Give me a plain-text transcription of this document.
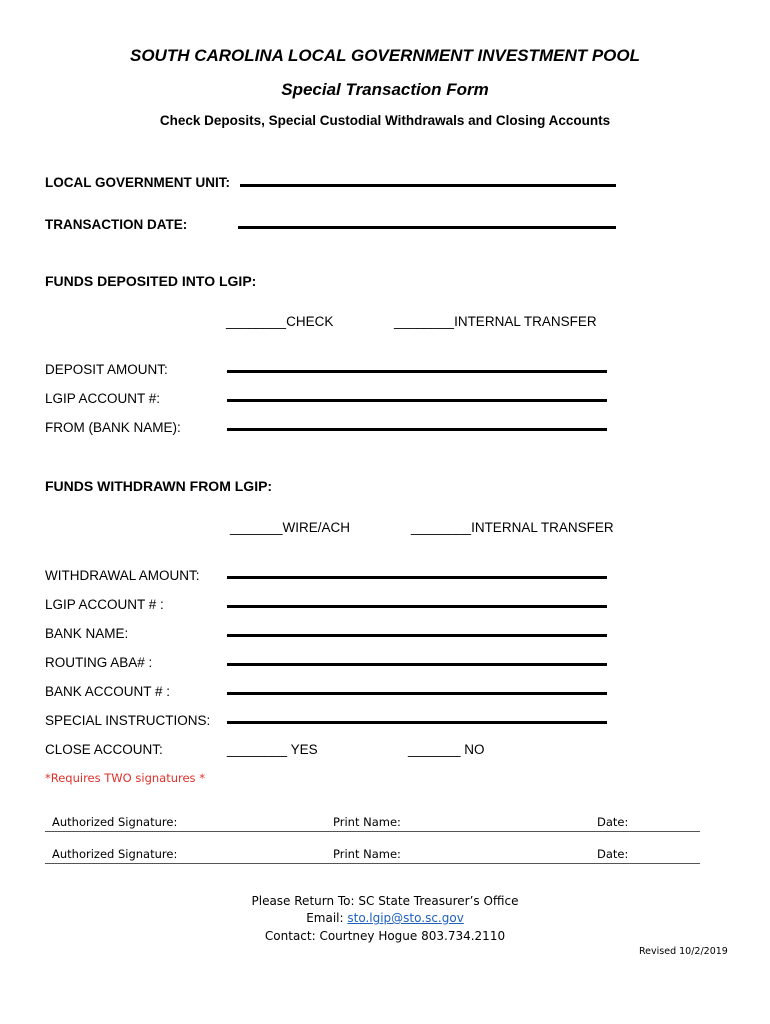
SOUTH CAROLINA LOCAL GOVERNMENT INVESTMENT POOL
Special Transaction Form
Check Deposits, Special Custodial Withdrawals and Closing Accounts
LOCAL GOVERNMENT UNIT:
TRANSACTION DATE:
FUNDS DEPOSITED INTO LGIP:
________CHECK	________INTERNAL TRANSFER
DEPOSIT AMOUNT:
LGIP ACCOUNT #:
FROM (BANK NAME):
FUNDS WITHDRAWN FROM LGIP:
_______WIRE/ACH	________INTERNAL TRANSFER
WITHDRAWAL AMOUNT:
LGIP ACCOUNT # :
BANK NAME:
ROUTING ABA# :
BANK ACCOUNT # :
SPECIAL INSTRUCTIONS:
CLOSE ACCOUNT:	________ YES	_______ NO
*Requires TWO signatures *
Authorized Signature:	Print Name:	Date:
Authorized Signature:	Print Name:	Date:
Please Return To: SC State Treasurer’s Office
Email: sto.lgip@sto.sc.gov
Contact: Courtney Hogue 803.734.2110
Revised 10/2/2019
